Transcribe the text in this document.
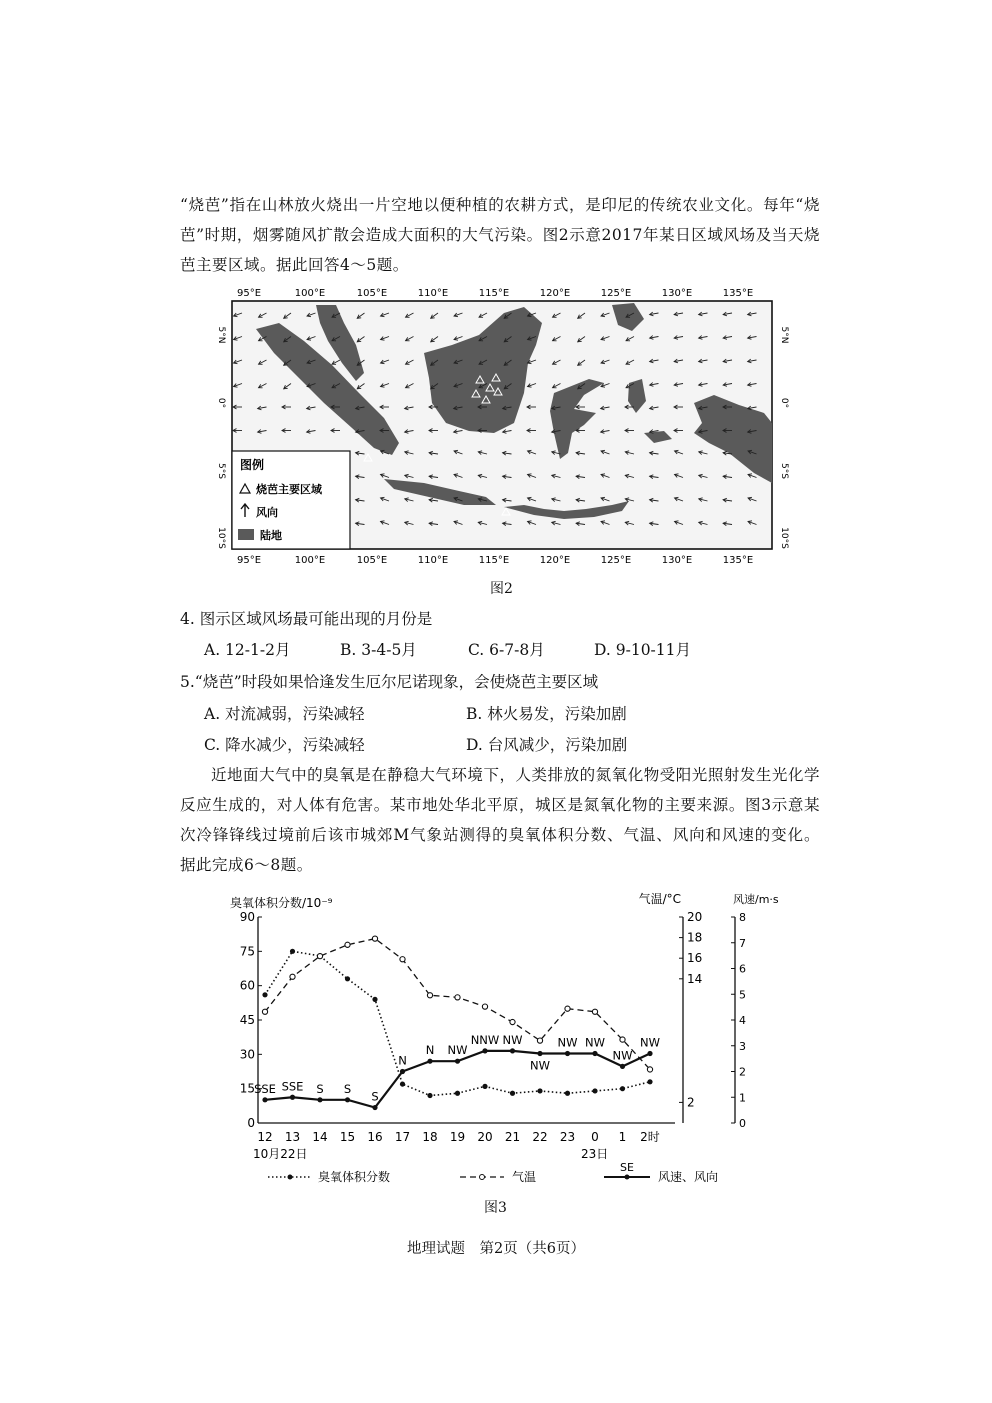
“烧芭”指在山林放火烧出一片空地以便种植的农耕方式，是印尼的传统农业文化。每年“烧芭”时期，烟雾随风扩散会造成大面积的大气污染。图2示意2017年某日区域风场及当天烧芭主要区域。据此回答4～5题。

95°E	100°E	105°E	110°E	115°E	120°E	125°E	130°E	135°E
95°E	100°E	105°E	110°E	115°E	120°E	125°E	130°E	135°E
5°N
0°
5°S
10°S
5°N
0°
5°S
10°S
图例
烧芭主要区域
风向
陆地
图2

4. 图示区域风场最可能出现的月份是

A. 12-1-2月	B. 3-4-5月	C. 6-7-8月	D. 9-10-11月

5.“烧芭”时段如果恰逢发生厄尔尼诺现象，会使烧芭主要区域

A. 对流减弱，污染减轻	B. 林火易发，污染加剧

C. 降水减少，污染减轻	D. 台风减少，污染加剧

近地面大气中的臭氧是在静稳大气环境下，人类排放的氮氧化物受阳光照射发生光化学反应生成的，对人体有危害。某市地处华北平原，城区是氮氧化物的主要来源。图3示意某次冷锋锋线过境前后该市城郊M气象站测得的臭氧体积分数、气温、风向和风速的变化。据此完成6～8题。

臭氧体积分数/10⁻⁹	气温/°C	风速/m·s
0
15
30
45
60
75
90
2
14
16
18
20
0
1
2
3
4
5
6
7
8
12 13 14 15 16 17 18 19 20 21 22 23 0 1 2时
10月22日	23日
SSE SSE S S
S
N
N NW
NNW NW
NW
NW NW
NW
NW
臭氧体积分数	气温
SE
风速、风向
图3
地理试题　第2页（共6页）
